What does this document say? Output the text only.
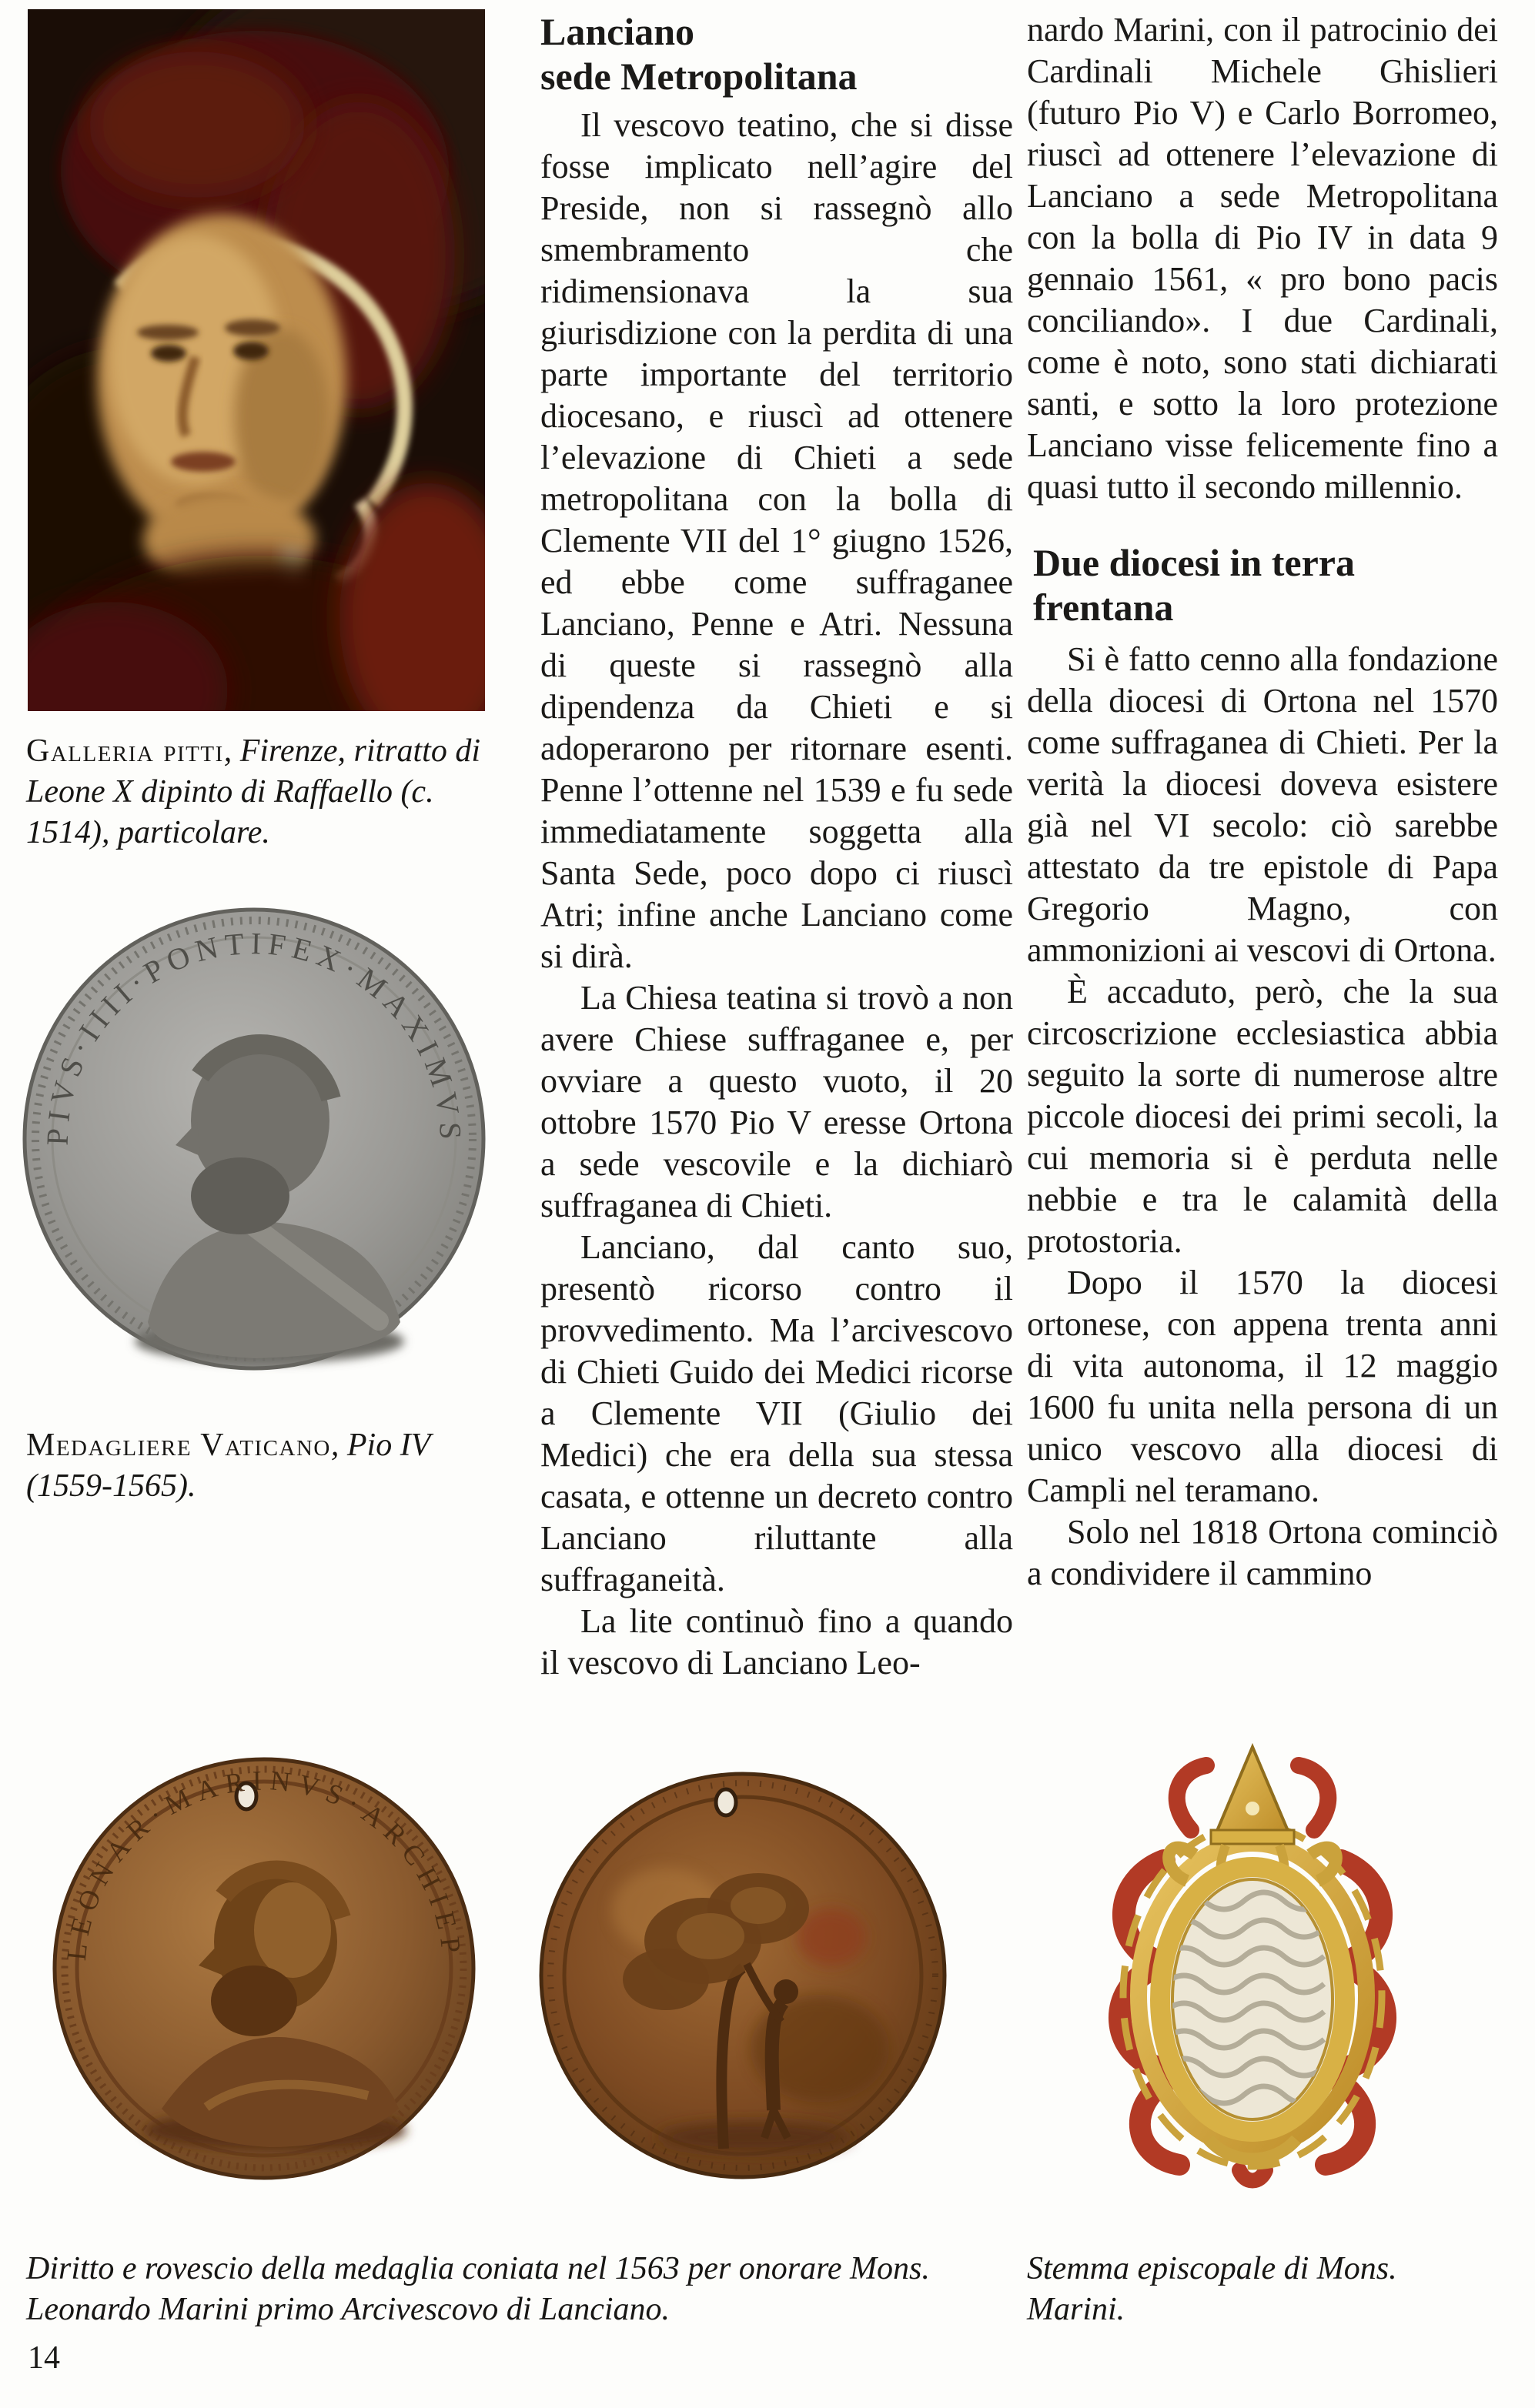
Galleria pitti, Firenze, ritratto di Leone X dipinto di Raffaello (c. 1514), particolare.
PIVS·IIII·PONTIFEX·MAXIMVS
Medagliere Vaticano, Pio IV (1559-1565).
Lanciano
sede Metropolitana

Il vescovo teatino, che si disse fosse implicato nell’agire del Preside, non si rassegnò allo smembramento che ridimensionava la sua giurisdizione con la perdita di una parte importante del territorio diocesano, e riuscì ad ottenere l’elevazione di Chieti a sede metropolitana con la bolla di Clemente VII del 1° giugno 1526, ed ebbe come suffraganee Lanciano, Penne e Atri. Nessuna di queste si rassegnò alla dipendenza da Chieti e si adoperarono per ritornare esenti. Penne l’ottenne nel 1539 e fu sede immediatamente soggetta alla Santa Sede, poco dopo ci riuscì Atri; infine anche Lanciano come si dirà.

La Chiesa teatina si trovò a non avere Chiese suffraganee e, per ovviare a questo vuoto, il 20 ottobre 1570 Pio V eresse Ortona a sede vescovile e la dichiarò suffraganea di Chieti.

Lanciano, dal canto suo, presentò ricorso contro il provvedimento. Ma l’arcivescovo di Chieti Guido dei Medici ricorse a Clemente VII (Giulio dei Medici) che era della sua stessa casata, e ottenne un decreto contro Lanciano riluttante alla suffraganeità.

La lite continuò fino a quando il vescovo di Lanciano Leo-

nardo Marini, con il patrocinio dei Cardinali Michele Ghislieri (futuro Pio V) e Carlo Borromeo, riuscì ad ottenere l’elevazione di Lanciano a sede Metropolitana con la bolla di Pio IV in data 9 gennaio 1561, « pro bono pacis conciliando». I due Cardinali, come è noto, sono stati dichiarati santi, e sotto la loro protezione Lanciano visse felicemente fino a quasi tutto il secondo millennio.

Due diocesi in terra
frentana

Si è fatto cenno alla fondazione della diocesi di Ortona nel 1570 come suffraganea di Chieti. Per la verità la diocesi doveva esistere già nel VI secolo: ciò sarebbe attestato da tre epistole di Papa Gregorio Magno, con ammonizioni ai vescovi di Ortona.

È accaduto, però, che la sua circoscrizione ecclesiastica abbia seguito la sorte di numerose altre piccole diocesi dei primi secoli, la cui memoria si è perduta nelle nebbie e tra le calamità della protostoria.

Dopo il 1570 la diocesi ortonese, con appena trenta anni di vita autonoma, il 12 maggio 1600 fu unita nella persona di un unico vescovo alla diocesi di Campli nel teramano.

Solo nel 1818 Ortona cominciò a condividere il cammino

LEONAR·MARINVS·ARCHIEP
Diritto e rovescio della medaglia coniata nel 1563 per onorare Mons. Leonardo Marini primo Arcivescovo di Lanciano.
Stemma episcopale di Mons. Marini.
14
